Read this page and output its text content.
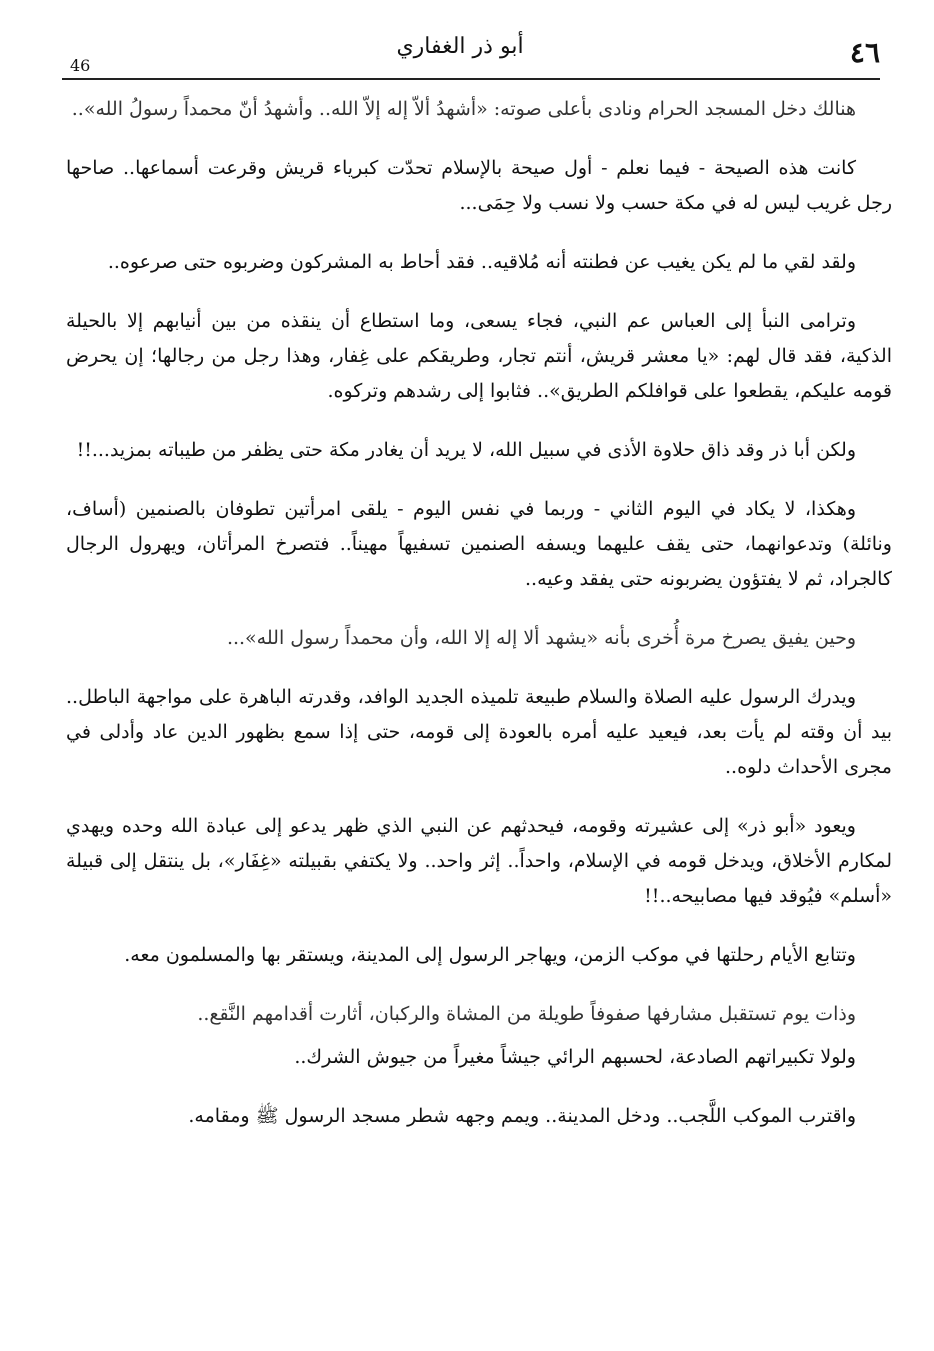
٤٦
أبو ذر الغفاري
46

هنالك دخل المسجد الحرام ونادى بأعلى صوته: «أشهدُ ألاّ إله إلاّ الله.. وأشهدُ أنّ محمداً رسولُ الله»..

كانت هذه الصيحة - فيما نعلم - أول صيحة بالإسلام تحدّت كبرياء قريش وقرعت أسماعها.. صاحها رجل غريب ليس له في مكة حسب ولا نسب ولا حِمَى...

ولقد لقي ما لم يكن يغيب عن فطنته أنه مُلاقيه.. فقد أحاط به المشركون وضربوه حتى صرعوه..

وترامى النبأ إلى العباس عم النبي، فجاء يسعى، وما استطاع أن ينقذه من بين أنيابهم إلا بالحيلة الذكية، فقد قال لهم: «يا معشر قريش، أنتم تجار، وطريقكم على غِفار، وهذا رجل من رجالها؛ إن يحرض قومه عليكم، يقطعوا على قوافلكم الطريق».. فثابوا إلى رشدهم وتركوه.

ولكن أبا ذر وقد ذاق حلاوة الأذى في سبيل الله، لا يريد أن يغادر مكة حتى يظفر من طيباته بمزيد...!!

وهكذا، لا يكاد في اليوم الثاني - وربما في نفس اليوم - يلقى امرأتين تطوفان بالصنمين (أساف، ونائلة) وتدعوانهما، حتى يقف عليهما ويسفه الصنمين تسفيهاً مهيناً.. فتصرخ المرأتان، ويهرول الرجال كالجراد، ثم لا يفتؤون يضربونه حتى يفقد وعيه..

وحين يفيق يصرخ مرة أُخرى بأنه «يشهد ألا إله إلا الله، وأن محمداً رسول الله»...

ويدرك الرسول عليه الصلاة والسلام طبيعة تلميذه الجديد الوافد، وقدرته الباهرة على مواجهة الباطل.. بيد أن وقته لم يأت بعد، فيعيد عليه أمره بالعودة إلى قومه، حتى إذا سمع بظهور الدين عاد وأدلى في مجرى الأحداث دلوه..

ويعود «أبو ذر» إلى عشيرته وقومه، فيحدثهم عن النبي الذي ظهر يدعو إلى عبادة الله وحده ويهدي لمكارم الأخلاق، ويدخل قومه في الإسلام، واحداً.. إثر واحد.. ولا يكتفي بقبيلته «غِفَار»، بل ينتقل إلى قبيلة «أسلم» فيُوقد فيها مصابيحه..!!

وتتابع الأيام رحلتها في موكب الزمن، ويهاجر الرسول إلى المدينة، ويستقر بها والمسلمون معه.

وذات يوم تستقبل مشارفها صفوفاً طويلة من المشاة والركبان، أثارت أقدامهم النَّقع..

ولولا تكبيراتهم الصادعة، لحسبهم الرائي جيشاً مغيراً من جيوش الشرك..

واقترب الموكب اللَّجب.. ودخل المدينة.. ويمم وجهه شطر مسجد الرسول ﷺ ومقامه.
